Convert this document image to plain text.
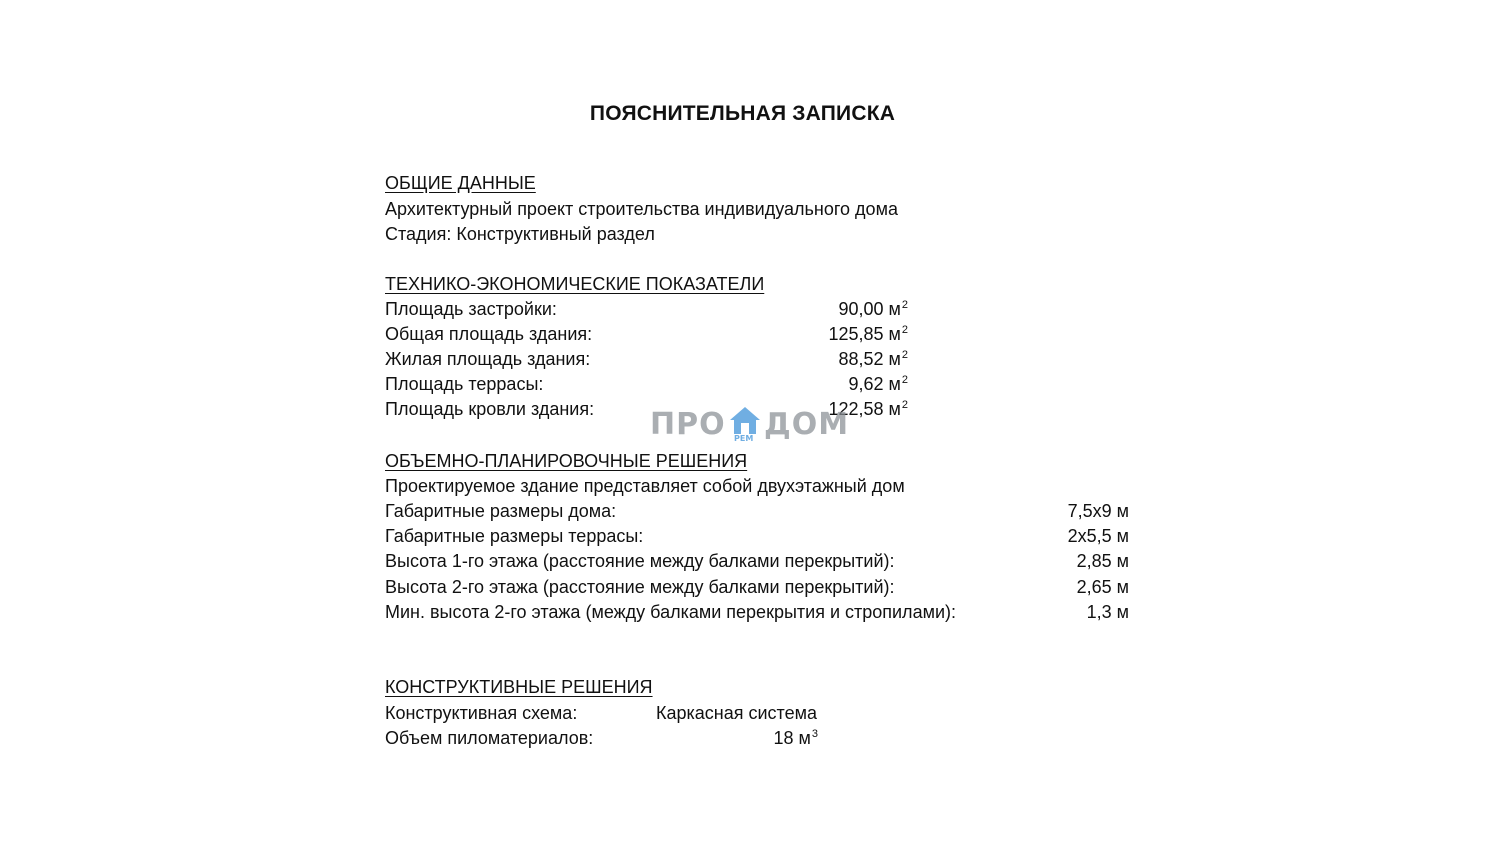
ПОЯСНИТЕЛЬНАЯ ЗАПИСКА
ОБЩИЕ ДАННЫЕ
Архитектурный проект строительства индивидуального дома
Стадия: Конструктивный раздел
ТЕХНИКО-ЭКОНОМИЧЕСКИЕ ПОКАЗАТЕЛИ
Площадь застройки:	90,00 $м^2$
Общая площадь здания:	125,85 $м^2$
Жилая площадь здания:	88,52 $м^2$
Площадь террасы:	9,62 $м^2$
Площадь кровли здания:	122,58 $м^2$
ПРО РЕМ ДОМ
ОБЪЕМНО-ПЛАНИРОВОЧНЫЕ РЕШЕНИЯ
Проектируемое здание представляет собой двухэтажный дом
Габаритные размеры дома:	7,5х9 м
Габаритные размеры террасы:	2х5,5 м
Высота 1-го этажа (расстояние между балками перекрытий):	2,85 м
Высота 2-го этажа (расстояние между балками перекрытий):	2,65 м
Мин. высота 2-го этажа (между балками перекрытия и стропилами):	1,3 м
КОНСТРУКТИВНЫЕ РЕШЕНИЯ
Конструктивная схема:	Каркасная система
Объем пиломатериалов:	18 $м^3$
